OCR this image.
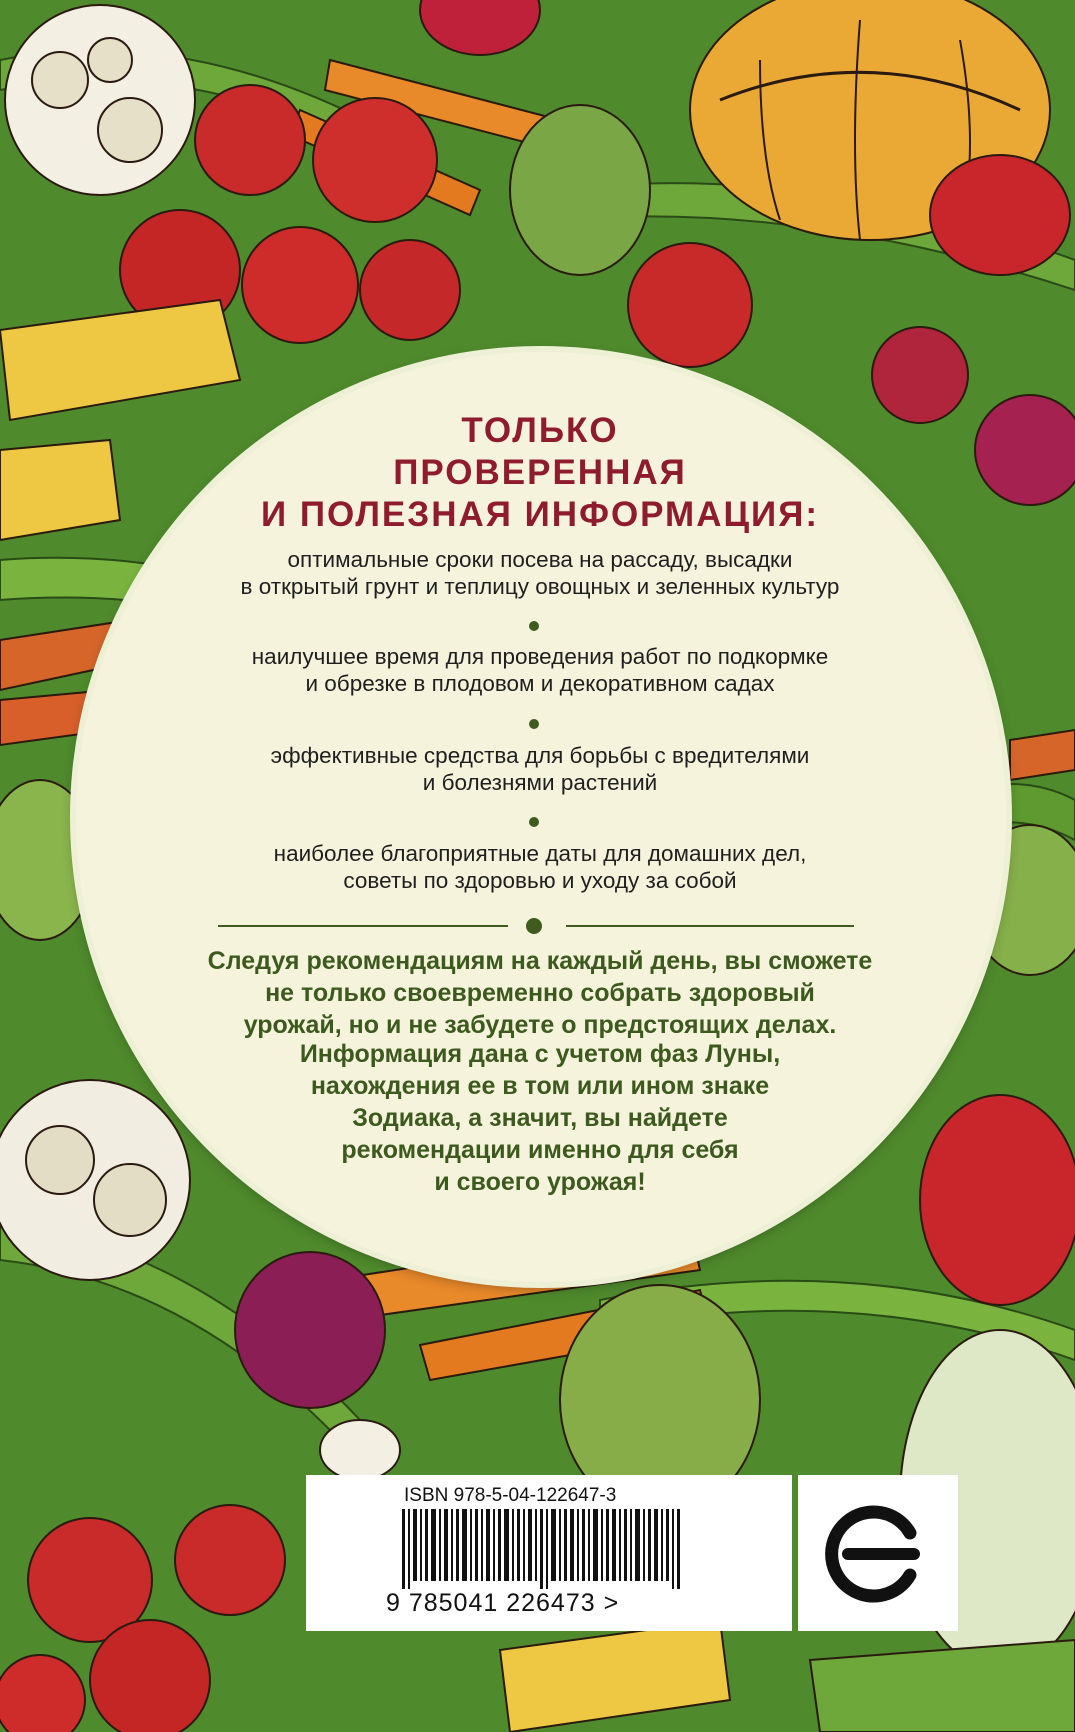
ТОЛЬКО
ПРОВЕРЕННАЯ
И ПОЛЕЗНАЯ ИНФОРМАЦИЯ:
оптимальные сроки посева на рассаду, высадки
в открытый грунт и теплицу овощных и зеленных культур
наилучшее время для проведения работ по подкормке
и обрезке в плодовом и декоративном садах
эффективные средства для борьбы с вредителями
и болезнями растений
наиболее благоприятные даты для домашних дел,
советы по здоровью и уходу за собой
Следуя рекомендациям на каждый день, вы сможете
не только своевременно собрать здоровый
урожай, но и не забудете о предстоящих делах.
Информация дана с учетом фаз Луны,
нахождения ее в том или ином знаке
Зодиака, а значит, вы найдете
рекомендации именно для себя
и своего урожая!
ISBN 978-5-04-122647-3
9 785041 226473 >
